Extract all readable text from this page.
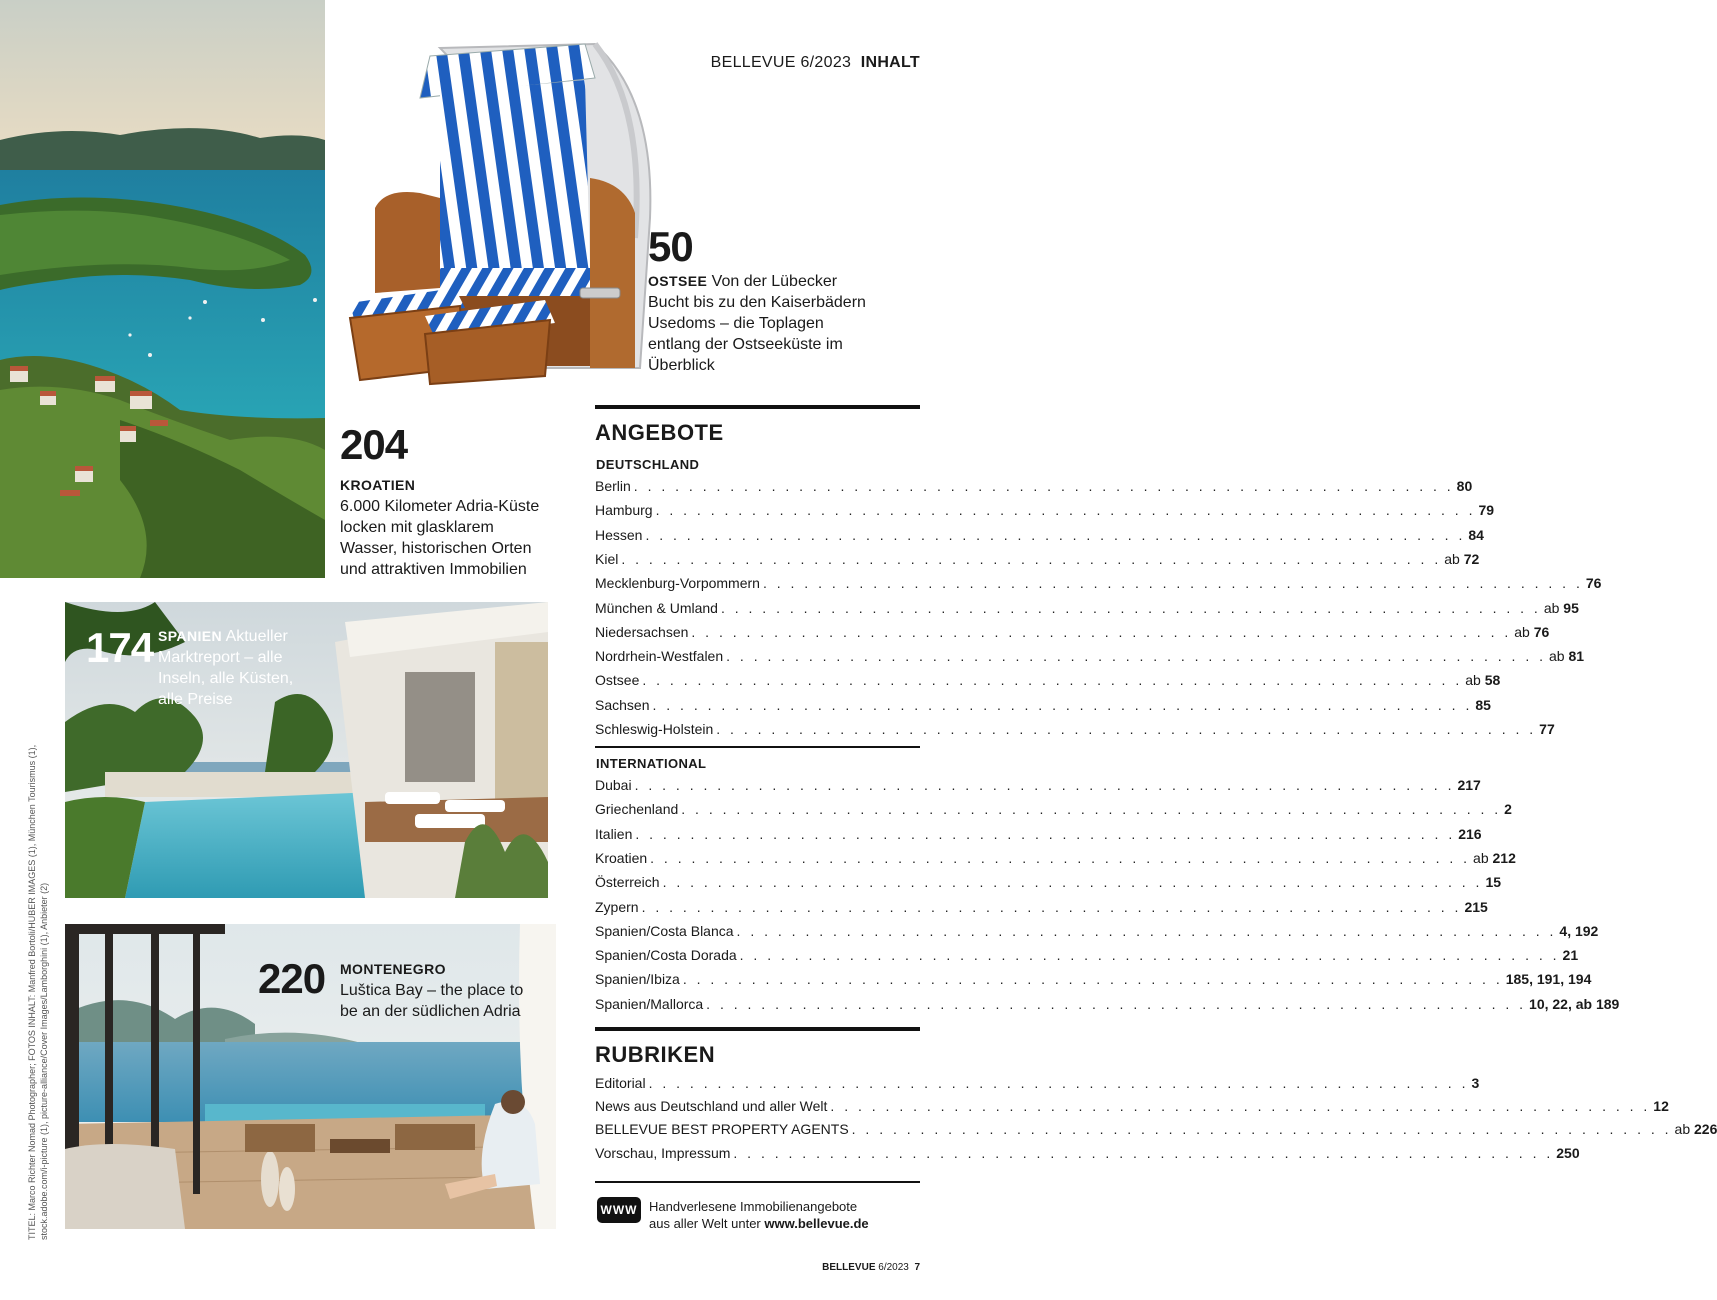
BELLEVUE 6/2023 INHALT
50
OSTSEE Von der Lübecker Bucht bis zu den Kaiserbädern Usedoms – die Toplagen entlang der Ostseeküste im Überblick
204
KROATIEN
6.000 Kilometer Adria-Küste locken mit glasklarem Wasser, historischen Orten und attraktiven Immobilien
174 SPANIEN Aktueller Marktreport – alle Inseln, alle Küsten, alle Preise
220 MONTENEGRO
Luštica Bay – the place to be an der südlichen Adria
TITEL: Marco Richter Nomad Photographer; FOTOS INHALT: Manfred Bortoli/HUBER IMAGES (1), München Tourismus (1), stock.adobe.com/i-picture (1), picture-alliance/Cover Images/Lamborghini (1), Anbieter (2)
ANGEBOTE
DEUTSCHLAND
Berlin . . . . . . . . . . . . . . . . . . . . . . . . . . . . . . . . . . . . . . . . . . . . . . . . . . . . . . . . . . . . 80
Hamburg . . . . . . . . . . . . . . . . . . . . . . . . . . . . . . . . . . . . . . . . . . . . . . . . . . . . . . . . . . . . 79
Hessen . . . . . . . . . . . . . . . . . . . . . . . . . . . . . . . . . . . . . . . . . . . . . . . . . . . . . . . . . . . . 84
Kiel . . . . . . . . . . . . . . . . . . . . . . . . . . . . . . . . . . . . . . . . . . . . . . . . . . . . . . . . . . . . ab 72
Mecklenburg-Vorpommern . . . . . . . . . . . . . . . . . . . . . . . . . . . . . . . . . . . . . . . . . . . . . . . . . . . . . . . . . . . . 76
München & Umland . . . . . . . . . . . . . . . . . . . . . . . . . . . . . . . . . . . . . . . . . . . . . . . . . . . . . . . . . . . . ab 95
Niedersachsen . . . . . . . . . . . . . . . . . . . . . . . . . . . . . . . . . . . . . . . . . . . . . . . . . . . . . . . . . . . . ab 76
Nordrhein-Westfalen . . . . . . . . . . . . . . . . . . . . . . . . . . . . . . . . . . . . . . . . . . . . . . . . . . . . . . . . . . . . ab 81
Ostsee . . . . . . . . . . . . . . . . . . . . . . . . . . . . . . . . . . . . . . . . . . . . . . . . . . . . . . . . . . . . ab 58
Sachsen . . . . . . . . . . . . . . . . . . . . . . . . . . . . . . . . . . . . . . . . . . . . . . . . . . . . . . . . . . . . 85
Schleswig-Holstein . . . . . . . . . . . . . . . . . . . . . . . . . . . . . . . . . . . . . . . . . . . . . . . . . . . . . . . . . . . . 77
INTERNATIONAL
Dubai . . . . . . . . . . . . . . . . . . . . . . . . . . . . . . . . . . . . . . . . . . . . . . . . . . . . . . . . . . . . 217
Griechenland . . . . . . . . . . . . . . . . . . . . . . . . . . . . . . . . . . . . . . . . . . . . . . . . . . . . . . . . . . . . 2
Italien . . . . . . . . . . . . . . . . . . . . . . . . . . . . . . . . . . . . . . . . . . . . . . . . . . . . . . . . . . . . 216
Kroatien . . . . . . . . . . . . . . . . . . . . . . . . . . . . . . . . . . . . . . . . . . . . . . . . . . . . . . . . . . . . ab 212
Österreich . . . . . . . . . . . . . . . . . . . . . . . . . . . . . . . . . . . . . . . . . . . . . . . . . . . . . . . . . . . . 15
Zypern . . . . . . . . . . . . . . . . . . . . . . . . . . . . . . . . . . . . . . . . . . . . . . . . . . . . . . . . . . . . 215
Spanien/Costa Blanca . . . . . . . . . . . . . . . . . . . . . . . . . . . . . . . . . . . . . . . . . . . . . . . . . . . . . . . . . . . . 4, 192
Spanien/Costa Dorada . . . . . . . . . . . . . . . . . . . . . . . . . . . . . . . . . . . . . . . . . . . . . . . . . . . . . . . . . . . . 21
Spanien/Ibiza . . . . . . . . . . . . . . . . . . . . . . . . . . . . . . . . . . . . . . . . . . . . . . . . . . . . . . . . . . . . 185, 191, 194
Spanien/Mallorca . . . . . . . . . . . . . . . . . . . . . . . . . . . . . . . . . . . . . . . . . . . . . . . . . . . . . . . . . . . . 10, 22, ab 189
RUBRIKEN
Editorial . . . . . . . . . . . . . . . . . . . . . . . . . . . . . . . . . . . . . . . . . . . . . . . . . . . . . . . . . . . . 3
News aus Deutschland und aller Welt . . . . . . . . . . . . . . . . . . . . . . . . . . . . . . . . . . . . . . . . . . . . . . . . . . . . . . . . . . . . 12
BELLEVUE BEST PROPERTY AGENTS . . . . . . . . . . . . . . . . . . . . . . . . . . . . . . . . . . . . . . . . . . . . . . . . . . . . . . . . . . . . ab 226
Vorschau, Impressum . . . . . . . . . . . . . . . . . . . . . . . . . . . . . . . . . . . . . . . . . . . . . . . . . . . . . . . . . . . . 250
WWW Handverlesene Immobilienangebote
aus aller Welt unter www.bellevue.de
BELLEVUE 6/2023 7
